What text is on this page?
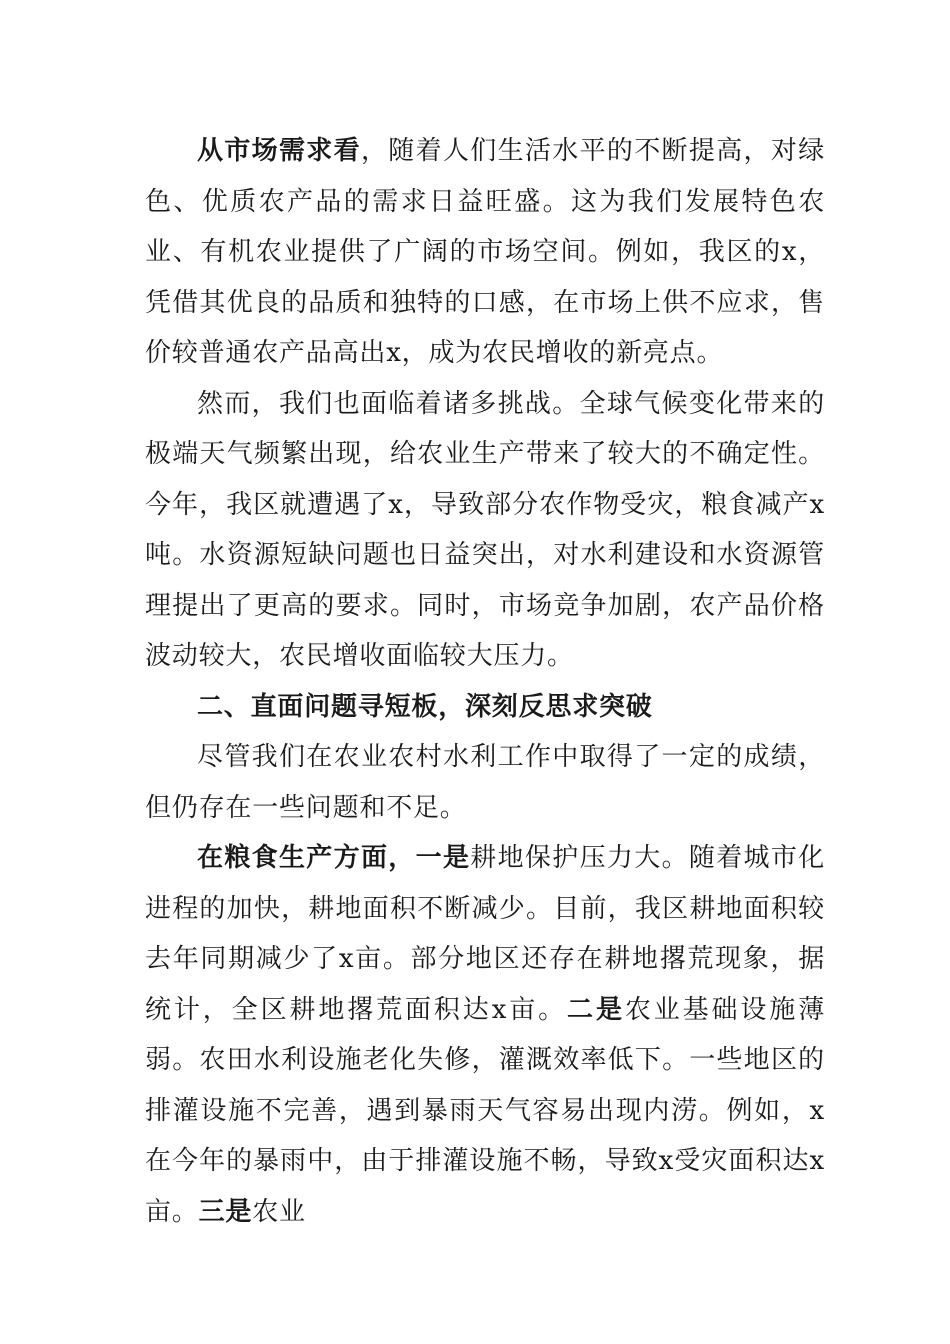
从市场需求看，随着人们生活水平的不断提高，对绿色、优质农产品的需求日益旺盛。这为我们发展特色农业、有机农业提供了广阔的市场空间。例如，我区的x，凭借其优良的品质和独特的口感，在市场上供不应求，售价较普通农产品高出x，成为农民增收的新亮点。

然而，我们也面临着诸多挑战。全球气候变化带来的极端天气频繁出现，给农业生产带来了较大的不确定性。今年，我区就遭遇了x，导致部分农作物受灾，粮食减产x吨。水资源短缺问题也日益突出，对水利建设和水资源管理提出了更高的要求。同时，市场竞争加剧，农产品价格波动较大，农民增收面临较大压力。

二、直面问题寻短板，深刻反思求突破

尽管我们在农业农村水利工作中取得了一定的成绩，但仍存在一些问题和不足。

在粮食生产方面，一是耕地保护压力大。随着城市化进程的加快，耕地面积不断减少。目前，我区耕地面积较去年同期减少了x亩。部分地区还存在耕地撂荒现象，据统计，全区耕地撂荒面积达x亩。二是农业基础设施薄弱。农田水利设施老化失修，灌溉效率低下。一些地区的排灌设施不完善，遇到暴雨天气容易出现内涝。例如，x在今年的暴雨中，由于排灌设施不畅，导致x受灾面积达x亩。三是农业
